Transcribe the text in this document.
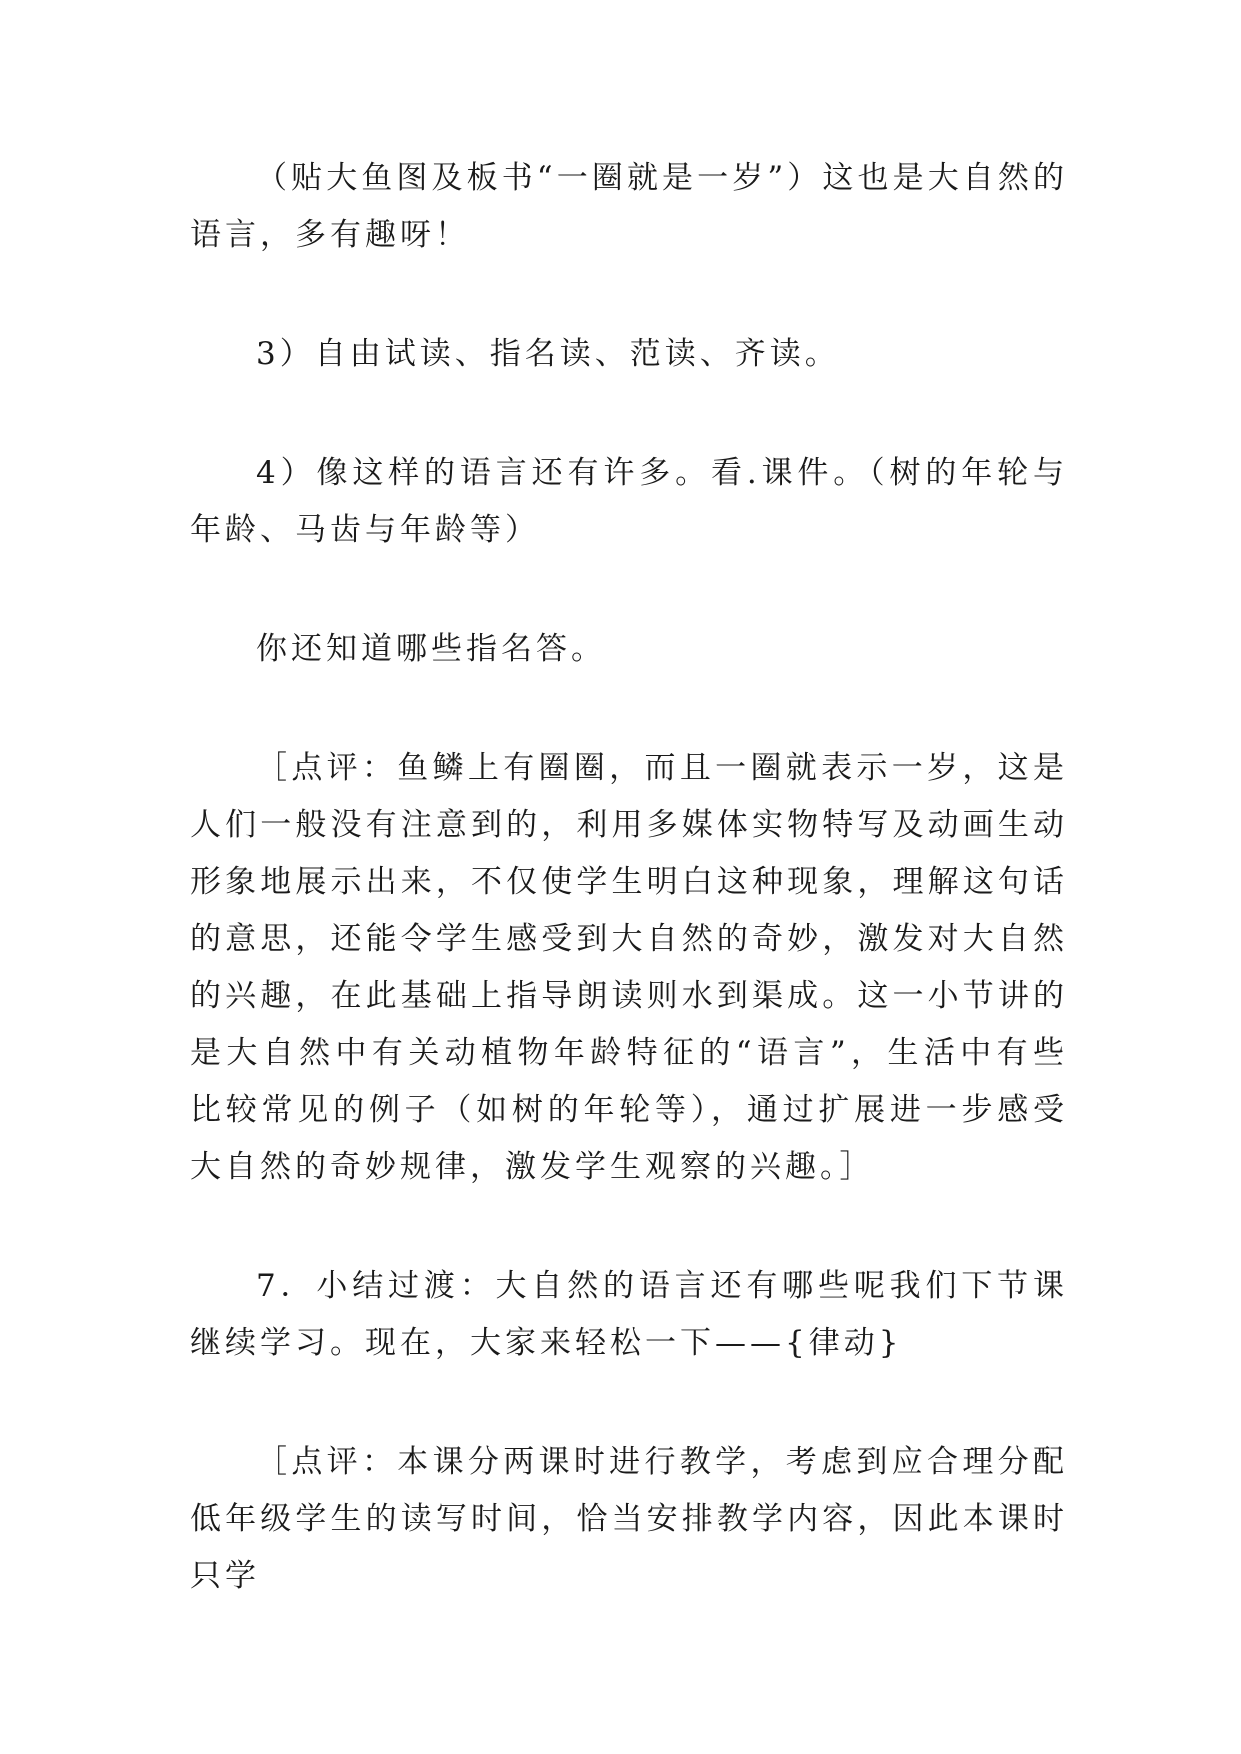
（贴大鱼图及板书“一圈就是一岁”）这也是大自然的语言，多有趣呀！

3）自由试读、指名读、范读、齐读。

4）像这样的语言还有许多。看.课件。（树的年轮与年龄、马齿与年龄等）

你还知道哪些指名答。

［点评：鱼鳞上有圈圈，而且一圈就表示一岁，这是人们一般没有注意到的，利用多媒体实物特写及动画生动形象地展示出来，不仅使学生明白这种现象，理解这句话的意思，还能令学生感受到大自然的奇妙，激发对大自然的兴趣，在此基础上指导朗读则水到渠成。这一小节讲的是大自然中有关动植物年龄特征的“语言”，生活中有些比较常见的例子（如树的年轮等），通过扩展进一步感受大自然的奇妙规律，激发学生观察的兴趣。］

7．小结过渡：大自然的语言还有哪些呢我们下节课继续学习。现在，大家来轻松一下——{律动}

［点评：本课分两课时进行教学，考虑到应合理分配低年级学生的读写时间，恰当安排教学内容，因此本课时只学
